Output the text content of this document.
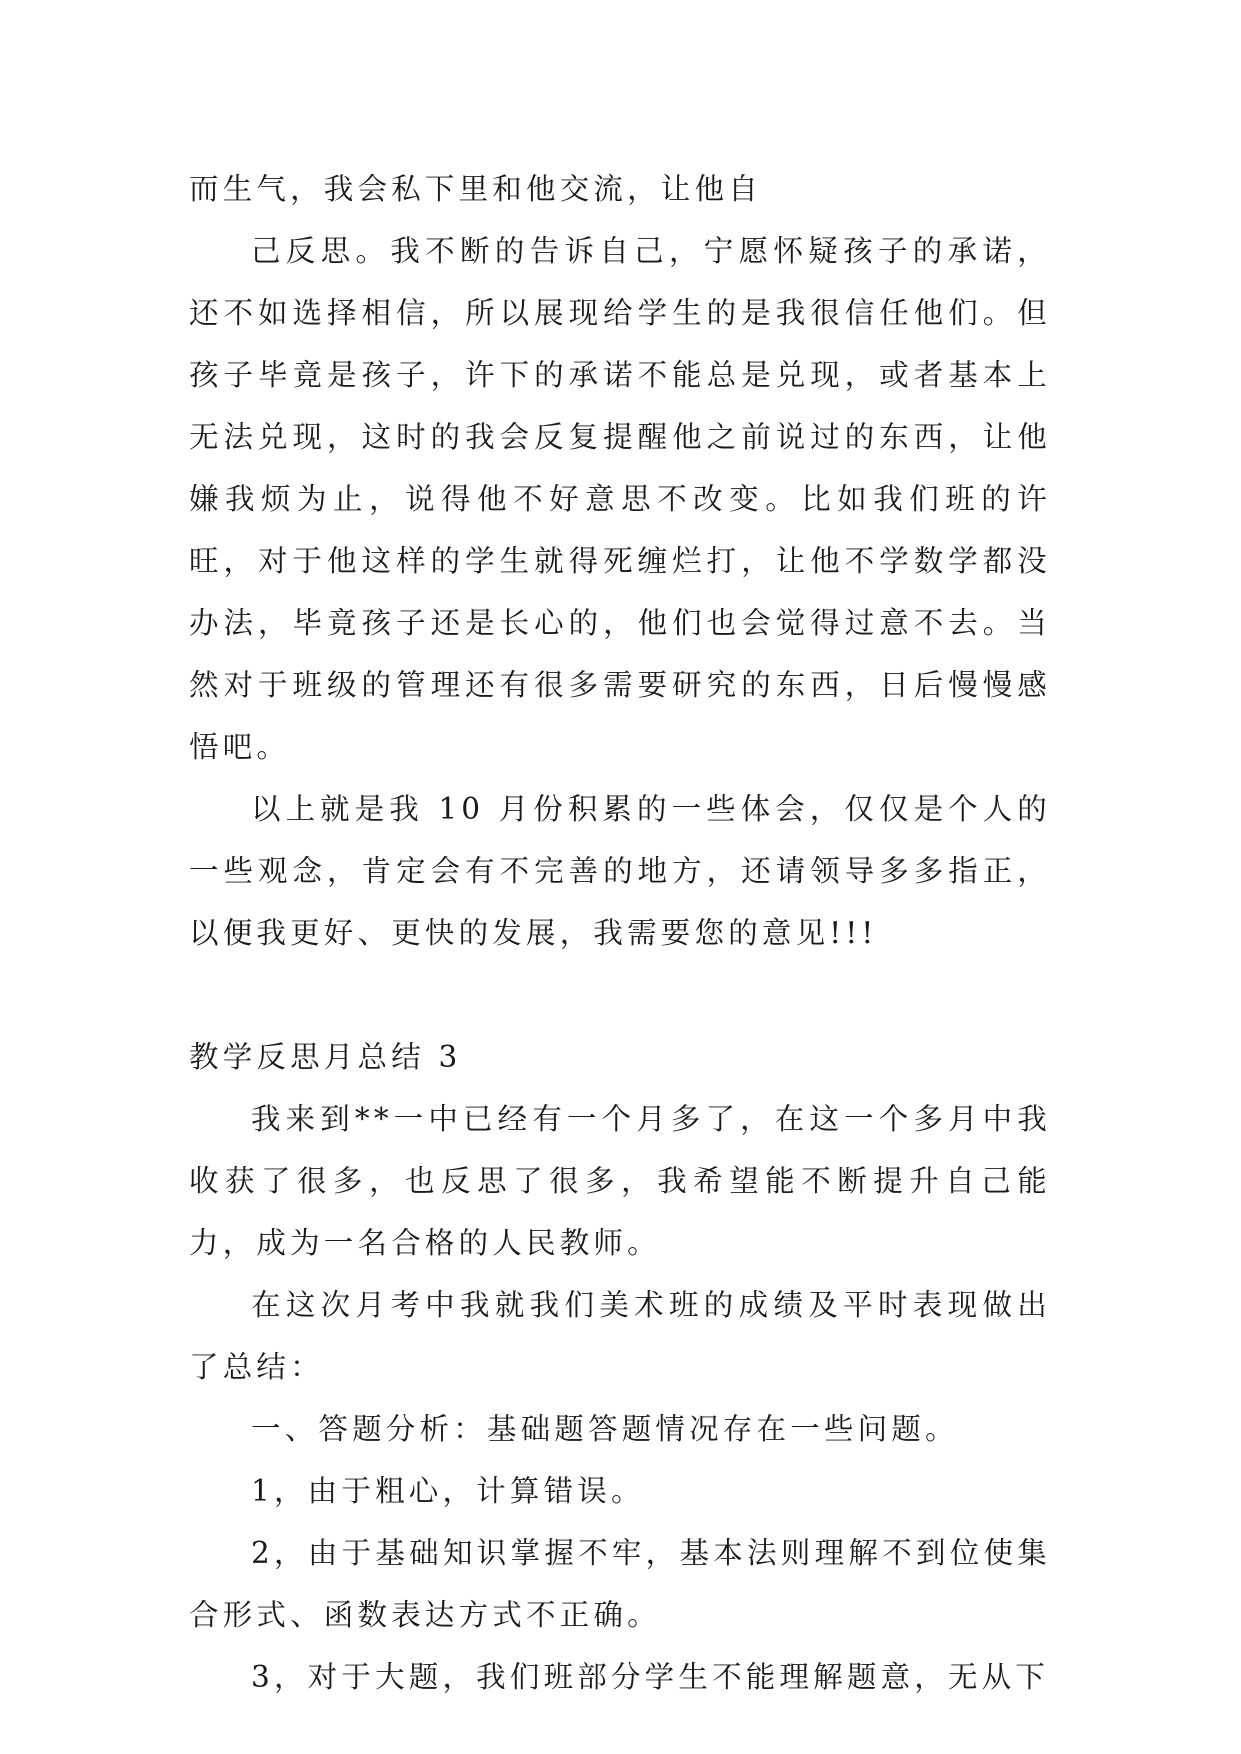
而生气，我会私下里和他交流，让他自

己反思。我不断的告诉自己，宁愿怀疑孩子的承诺，还不如选择相信，所以展现给学生的是我很信任他们。但孩子毕竟是孩子，许下的承诺不能总是兑现，或者基本上无法兑现，这时的我会反复提醒他之前说过的东西，让他嫌我烦为止，说得他不好意思不改变。比如我们班的许旺，对于他这样的学生就得死缠烂打，让他不学数学都没办法，毕竟孩子还是长心的，他们也会觉得过意不去。当然对于班级的管理还有很多需要研究的东西，日后慢慢感悟吧。

以上就是我 10 月份积累的一些体会，仅仅是个人的一些观念，肯定会有不完善的地方，还请领导多多指正，以便我更好、更快的发展，我需要您的意见!!!

教学反思月总结 3

我来到**一中已经有一个月多了，在这一个多月中我收获了很多，也反思了很多，我希望能不断提升自己能力，成为一名合格的人民教师。

在这次月考中我就我们美术班的成绩及平时表现做出了总结：

一、答题分析：基础题答题情况存在一些问题。

1，由于粗心，计算错误。

2，由于基础知识掌握不牢，基本法则理解不到位使集合形式、函数表达方式不正确。

3，对于大题，我们班部分学生不能理解题意，无从下
